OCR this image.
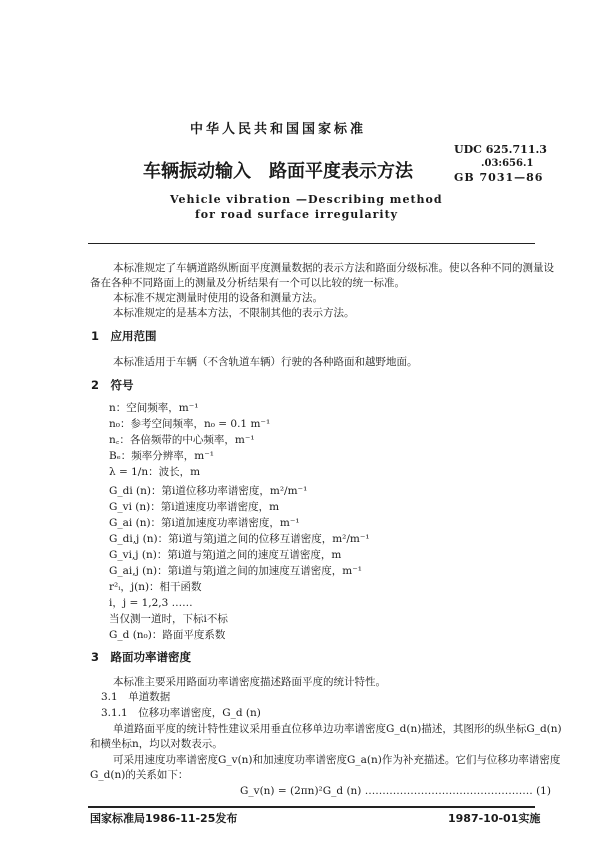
中华人民共和国国家标准
UDC 625.711.3
.03:656.1
GB 7031—86
车辆振动输入　路面平度表示方法
Vehicle vibration —Describing method
for road surface irregularity
本标准规定了车辆道路纵断面平度测量数据的表示方法和路面分级标准。使以各种不同的测量设
备在各种不同路面上的测量及分析结果有一个可以比较的统一标准。
本标准不规定测量时使用的设备和测量方法。
本标准规定的是基本方法，不限制其他的表示方法。
1　应用范围
本标准适用于车辆（不含轨道车辆）行驶的各种路面和越野地面。
2　符号
n：空间频率，m⁻¹
n₀：参考空间频率，n₀ = 0.1 m⁻¹
n꜀：各倍频带的中心频率，m⁻¹
Bₑ：频率分辨率，m⁻¹
λ = 1/n：波长，m
G_di (n)：第i道位移功率谱密度，m²/m⁻¹
G_vi (n)：第i道速度功率谱密度，m
G_ai (n)：第i道加速度功率谱密度，m⁻¹
G_di,j (n)：第i道与第j道之间的位移互谱密度，m²/m⁻¹
G_vi,j (n)：第i道与第j道之间的速度互谱密度，m
G_ai,j (n)：第i道与第j道之间的加速度互谱密度，m⁻¹
r²ᵢ，j(n)：相干函数
i，j = 1,2,3 ……
当仅测一道时，下标i不标
G_d (n₀)：路面平度系数
3　路面功率谱密度
本标准主要采用路面功率谱密度描述路面平度的统计特性。
3.1　单道数据
3.1.1　位移功率谱密度，G_d (n)
单道路面平度的统计特性建议采用垂直位移单边功率谱密度G_d(n)描述，其图形的纵坐标G_d(n)
和横坐标n，均以对数表示。
可采用速度功率谱密度G_v(n)和加速度功率谱密度G_a(n)作为补充描述。它们与位移功率谱密度
G_d(n)的关系如下：
G_v(n) = (2πn)²G_d (n) ………………………………………… (1)
国家标准局1986-11-25发布	1987-10-01实施
